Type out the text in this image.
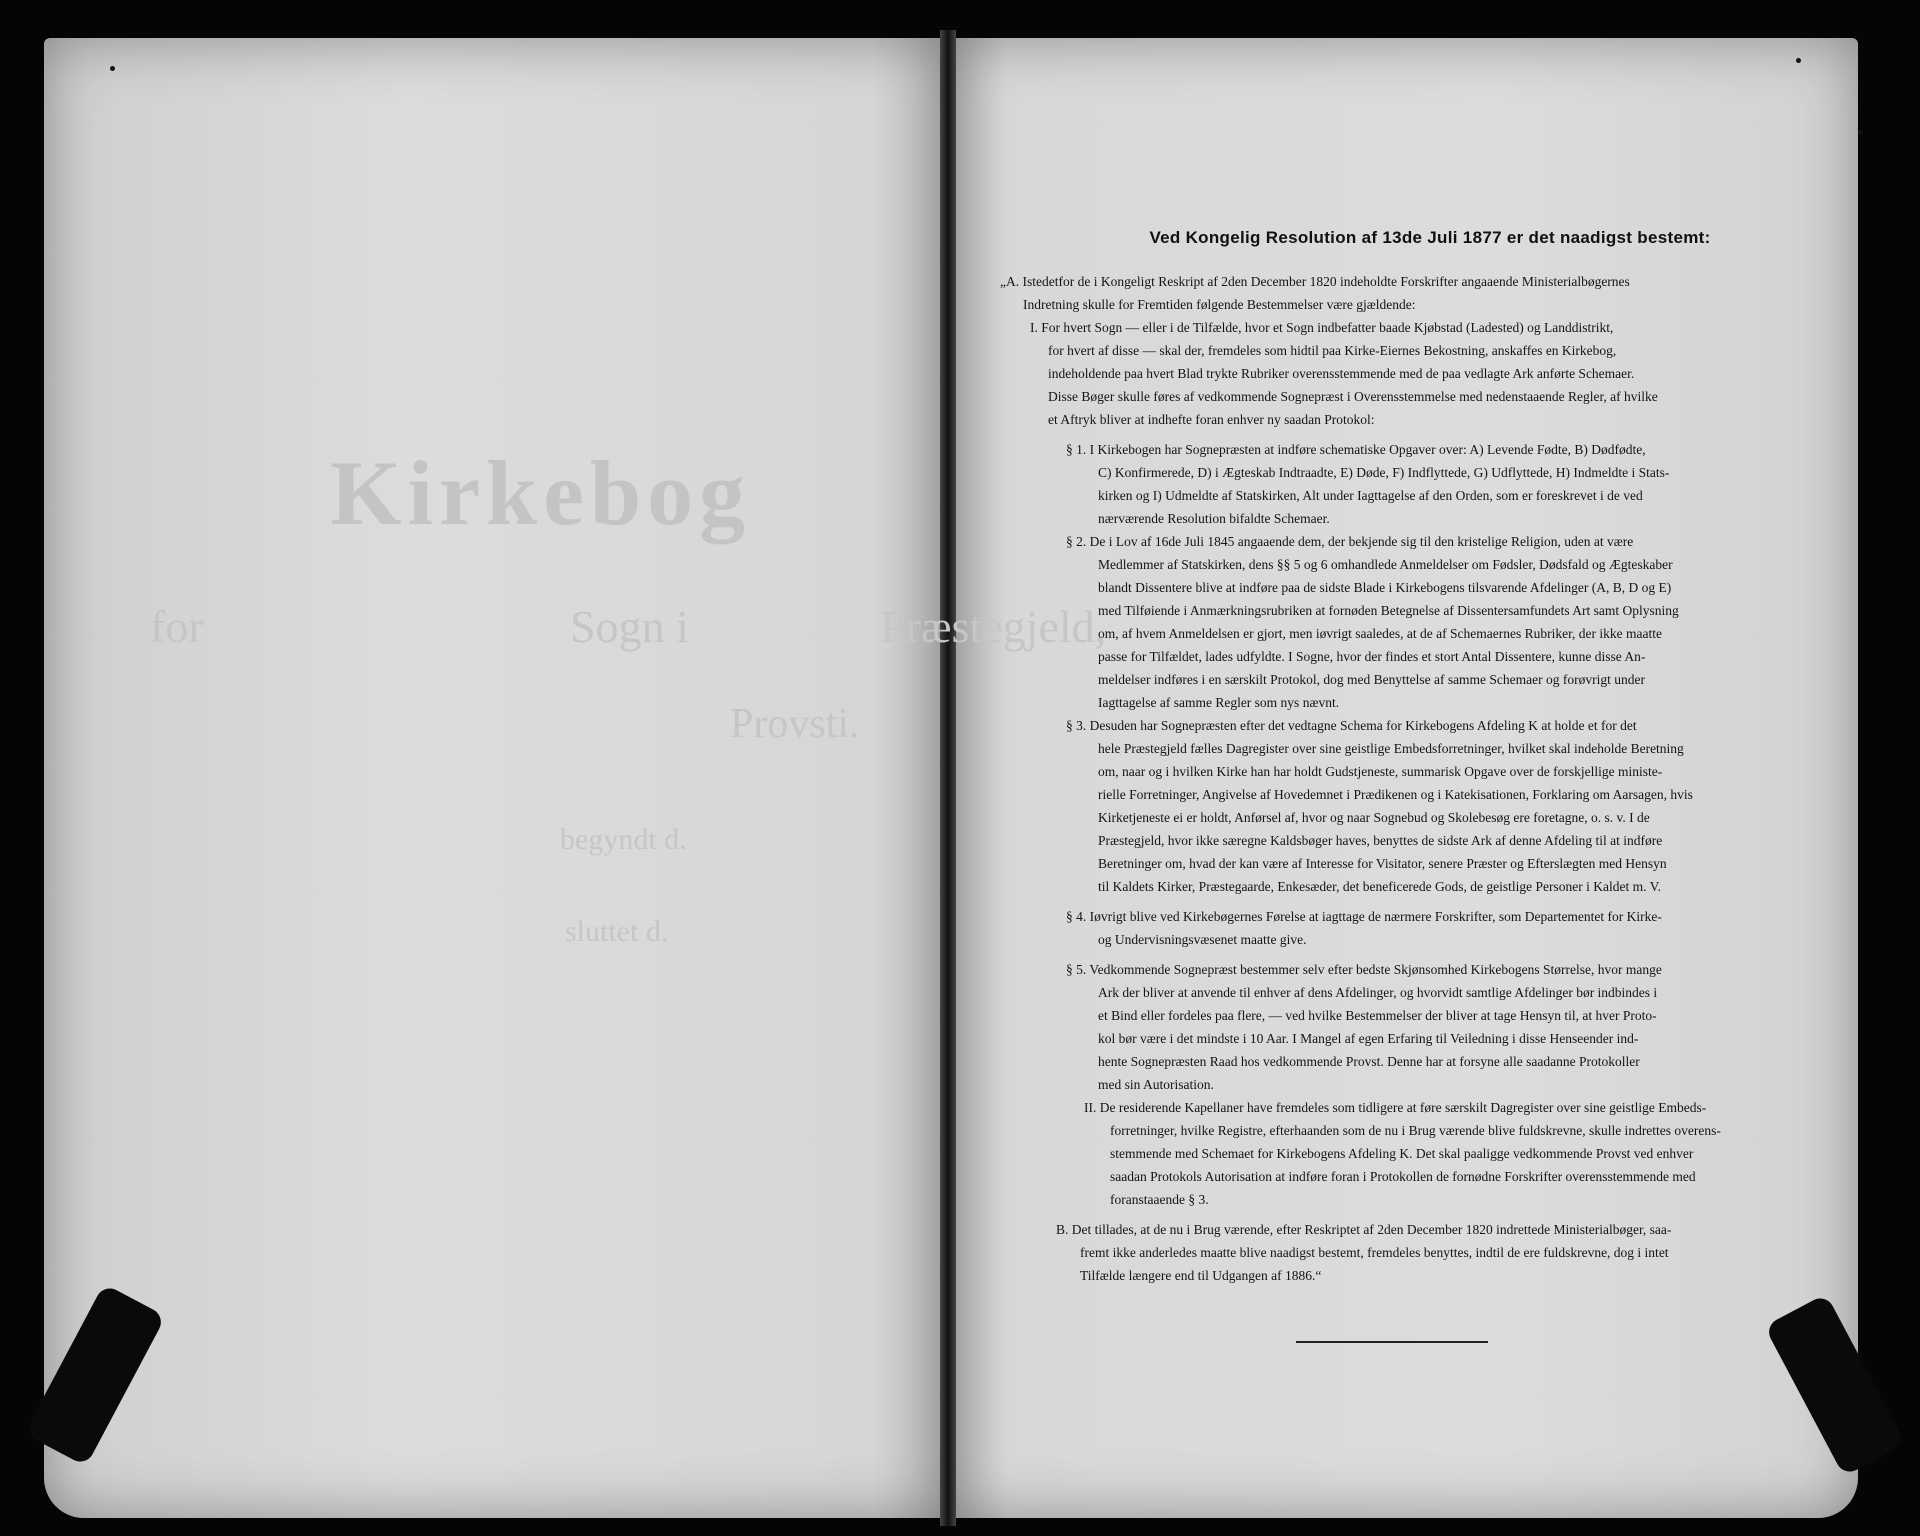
Kirkebog
for	Sogn i	Præstegjeld,
Provsti.
begyndt d.
sluttet d.
Ved Kongelig Resolution af 13de Juli 1877 er det naadigst bestemt:
„A. Istedetfor de i Kongeligt Reskript af 2den December 1820 indeholdte Forskrifter angaaende Ministerialbøgernes
Indretning skulle for Fremtiden følgende Bestemmelser være gjældende:
I. For hvert Sogn — eller i de Tilfælde, hvor et Sogn indbefatter baade Kjøbstad (Ladested) og Landdistrikt,
for hvert af disse — skal der, fremdeles som hidtil paa Kirke-Eiernes Bekostning, anskaffes en Kirkebog,
indeholdende paa hvert Blad trykte Rubriker overensstemmende med de paa vedlagte Ark anførte Schemaer.
Disse Bøger skulle føres af vedkommende Sognepræst i Overensstemmelse med nedenstaaende Regler, af hvilke
et Aftryk bliver at indhefte foran enhver ny saadan Protokol:
§ 1. I Kirkebogen har Sognepræsten at indføre schematiske Opgaver over: A) Levende Fødte, B) Dødfødte,
C) Konfirmerede, D) i Ægteskab Indtraadte, E) Døde, F) Indflyttede, G) Udflyttede, H) Indmeldte i Stats-
kirken og I) Udmeldte af Statskirken, Alt under Iagttagelse af den Orden, som er foreskrevet i de ved
nærværende Resolution bifaldte Schemaer.
§ 2. De i Lov af 16de Juli 1845 angaaende dem, der bekjende sig til den kristelige Religion, uden at være
Medlemmer af Statskirken, dens §§ 5 og 6 omhandlede Anmeldelser om Fødsler, Dødsfald og Ægteskaber
blandt Dissentere blive at indføre paa de sidste Blade i Kirkebogens tilsvarende Afdelinger (A, B, D og E)
med Tilføiende i Anmærkningsrubriken at fornøden Betegnelse af Dissentersamfundets Art samt Oplysning
om, af hvem Anmeldelsen er gjort, men iøvrigt saaledes, at de af Schemaernes Rubriker, der ikke maatte
passe for Tilfældet, lades udfyldte. I Sogne, hvor der findes et stort Antal Dissentere, kunne disse An-
meldelser indføres i en særskilt Protokol, dog med Benyttelse af samme Schemaer og forøvrigt under
Iagttagelse af samme Regler som nys nævnt.
§ 3. Desuden har Sognepræsten efter det vedtagne Schema for Kirkebogens Afdeling K at holde et for det
hele Præstegjeld fælles Dagregister over sine geistlige Embedsforretninger, hvilket skal indeholde Beretning
om, naar og i hvilken Kirke han har holdt Gudstjeneste, summarisk Opgave over de forskjellige ministe-
rielle Forretninger, Angivelse af Hovedemnet i Prædikenen og i Katekisationen, Forklaring om Aarsagen, hvis
Kirketjeneste ei er holdt, Anførsel af, hvor og naar Sognebud og Skolebesøg ere foretagne, o. s. v. I de
Præstegjeld, hvor ikke særegne Kaldsbøger haves, benyttes de sidste Ark af denne Afdeling til at indføre
Beretninger om, hvad der kan være af Interesse for Visitator, senere Præster og Efterslægten med Hensyn
til Kaldets Kirker, Præstegaarde, Enkesæder, det beneficerede Gods, de geistlige Personer i Kaldet m. V.
§ 4. Iøvrigt blive ved Kirkebøgernes Førelse at iagttage de nærmere Forskrifter, som Departementet for Kirke-
og Undervisningsvæsenet maatte give.
§ 5. Vedkommende Sognepræst bestemmer selv efter bedste Skjønsomhed Kirkebogens Størrelse, hvor mange
Ark der bliver at anvende til enhver af dens Afdelinger, og hvorvidt samtlige Afdelinger bør indbindes i
et Bind eller fordeles paa flere, — ved hvilke Bestemmelser der bliver at tage Hensyn til, at hver Proto-
kol bør være i det mindste i 10 Aar. I Mangel af egen Erfaring til Veiledning i disse Henseender ind-
hente Sognepræsten Raad hos vedkommende Provst. Denne har at forsyne alle saadanne Protokoller
med sin Autorisation.
II. De residerende Kapellaner have fremdeles som tidligere at føre særskilt Dagregister over sine geistlige Embeds-
forretninger, hvilke Registre, efterhaanden som de nu i Brug værende blive fuldskrevne, skulle indrettes overens-
stemmende med Schemaet for Kirkebogens Afdeling K. Det skal paaligge vedkommende Provst ved enhver
saadan Protokols Autorisation at indføre foran i Protokollen de fornødne Forskrifter overensstemmende med
foranstaaende § 3.
B. Det tillades, at de nu i Brug værende, efter Reskriptet af 2den December 1820 indrettede Ministerialbøger, saa-
fremt ikke anderledes maatte blive naadigst bestemt, fremdeles benyttes, indtil de ere fuldskrevne, dog i intet
Tilfælde længere end til Udgangen af 1886.“
